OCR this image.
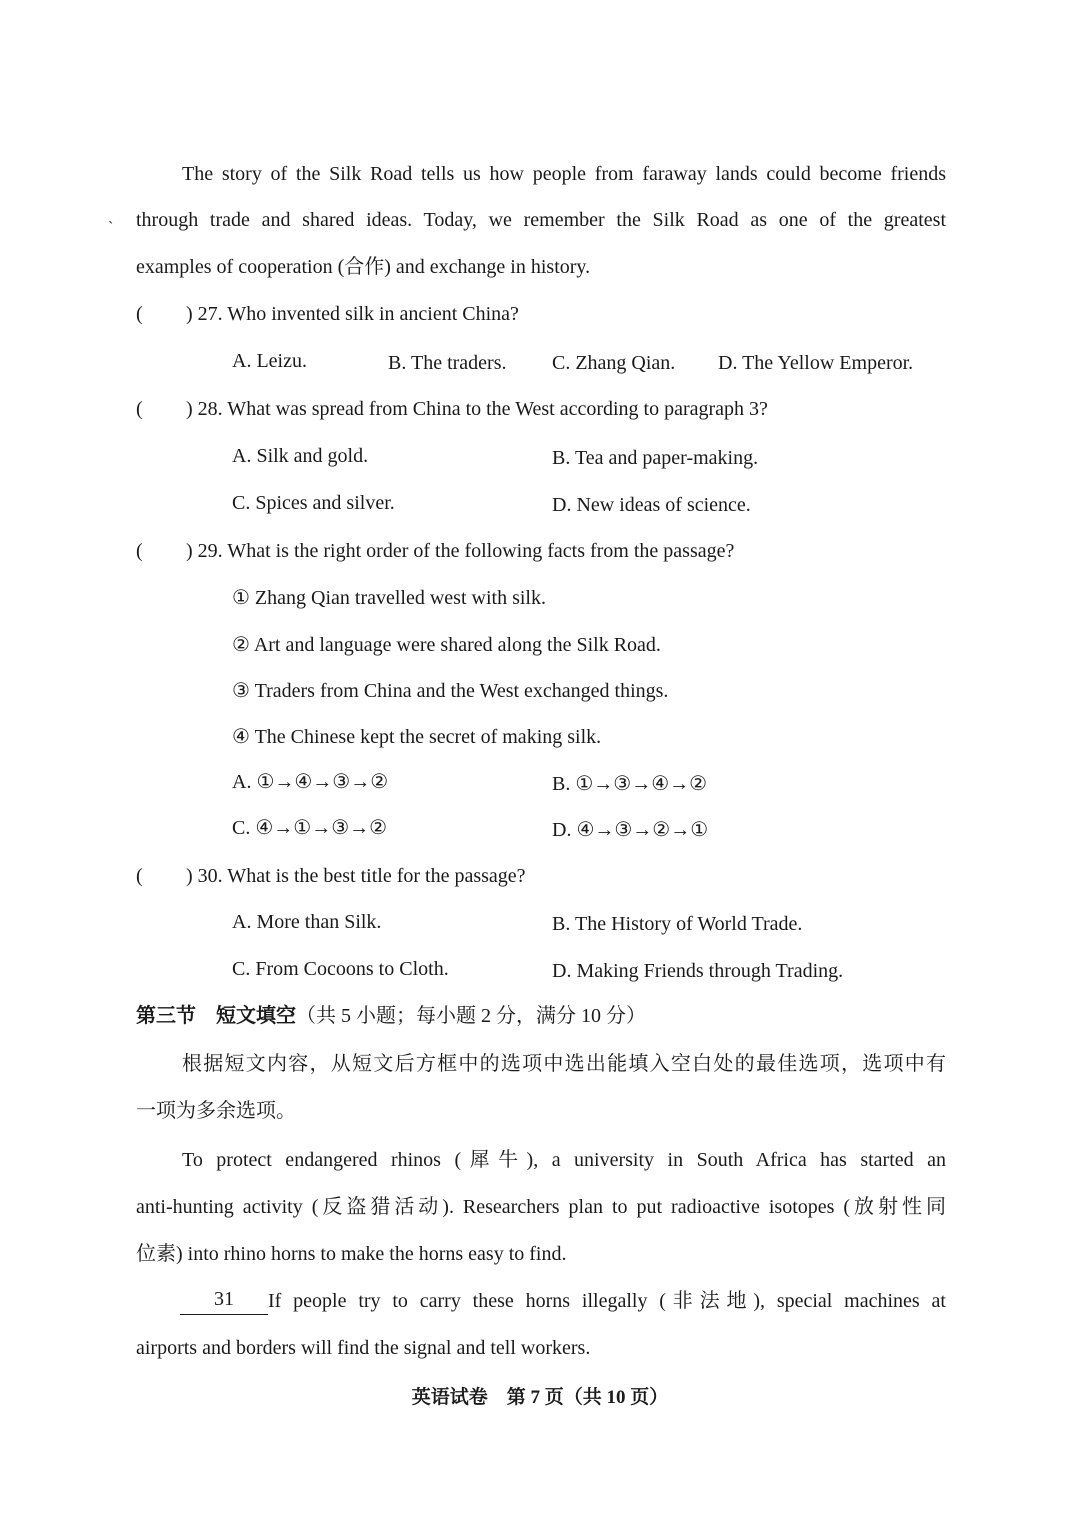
˴
The story of the Silk Road tells us how people from faraway lands could become friends
through trade and shared ideas. Today, we remember the Silk Road as one of the greatest
examples of cooperation (合作) and exchange in history.
( ) 27. Who invented silk in ancient China?
A. Leizu.	B. The traders. C. Zhang Qian. D. The Yellow Emperor.
( ) 28. What was spread from China to the West according to paragraph 3?
A. Silk and gold.	B. Tea and paper-making.
C. Spices and silver.	D. New ideas of science.
( ) 29. What is the right order of the following facts from the passage?
① Zhang Qian travelled west with silk.
② Art and language were shared along the Silk Road.
③ Traders from China and the West exchanged things.
④ The Chinese kept the secret of making silk.
A. ①→④→③→②	B. ①→③→④→②
C. ④→①→③→②	D. ④→③→②→①
( ) 30. What is the best title for the passage?
A. More than Silk.	B. The History of World Trade.
C. From Cocoons to Cloth.	D. Making Friends through Trading.
第三节　短文填空（共 5 小题；每小题 2 分，满分 10 分）
根据短文内容，从短文后方框中的选项中选出能填入空白处的最佳选项，选项中有
一项为多余选项。
To protect endangered rhinos (犀牛), a university in South Africa has started an
anti-hunting activity (反盗猎活动). Researchers plan to put radioactive isotopes (放射性同
位素) into rhino horns to make the horns easy to find.
31	If people try to carry these horns illegally (非法地), special machines at
airports and borders will find the signal and tell workers.
英语试卷　第 7 页（共 10 页）
